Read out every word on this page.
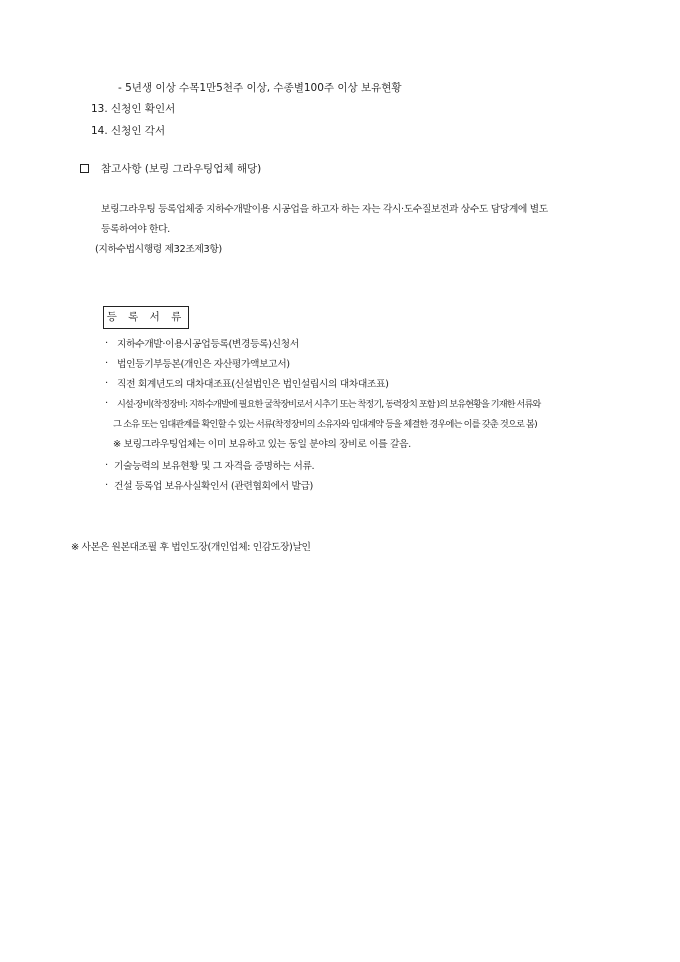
- 5년생 이상 수목1만5천주 이상, 수종별100주 이상 보유현황
13. 신청인 확인서
14. 신청인 각서
참고사항 (보링 그라우팅업체 해당)
보링그라우팅 등록업체중 지하수개발이용 시공업을 하고자 하는 자는 각시·도수질보전과 상수도 담당계에 별도
등록하여야 한다.
(지하수법시행령 제32조제3항)
등 록 서 류
· 지하수개발·이용시공업등록(변경등록)신청서
· 법인등기부등본(개인은 자산평가액보고서)
· 직전 회계년도의 대차대조표(신설법인은 법인설립시의 대차대조표)
· 시설·장비(착정장비: 지하수개발에 필요한 굴착장비로서 시추기 또는 착정기, 동력장치 포함 )의 보유현황을 기재한 서류와
그 소유 또는 임대관계를 확인할 수 있는 서류(착정장비의 소유자와 임대계약 등을 체결한 경우에는 이를 갖춘 것으로 봄)
※ 보링그라우팅업체는 이미 보유하고 있는 동일 분야의 장비로 이를 갈음.
· 기술능력의 보유현황 및 그 자격을 증명하는 서류.
· 건설 등록업 보유사실확인서 (관련협회에서 발급)
※ 사본은 원본대조필 후 법인도장(개인업체: 인감도장)날인
